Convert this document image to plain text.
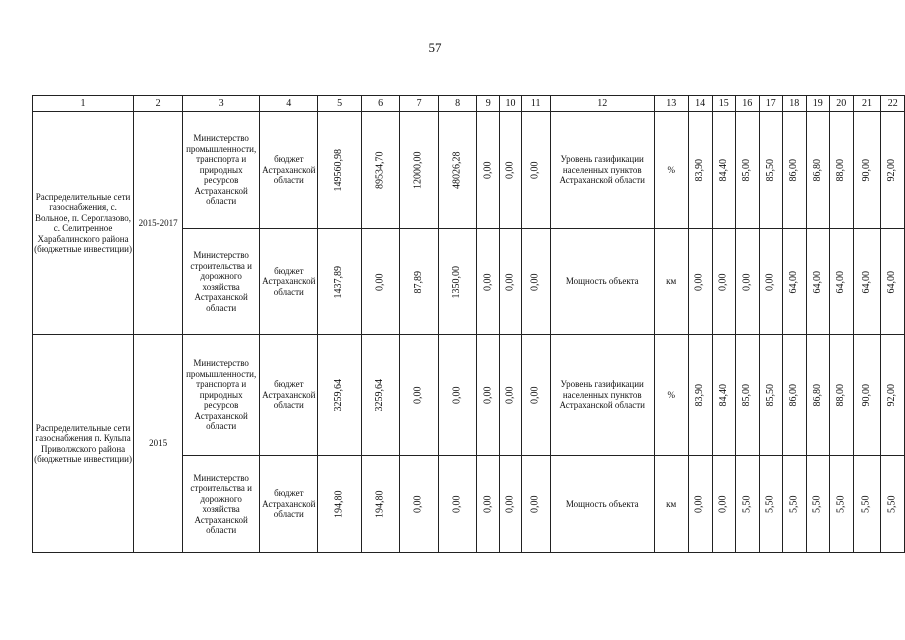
57
1	2	3	4	5	6	7	8	9	10	11	12	13	14	15	16	17	18	19	20	21	22
Распределительные сети газоснабжения, с. Вольное, п. Сероглазово, с. Селитренное Харабалинского района (бюджетные инвестиции)	2015-2017	Министерство промышленности, транспорта и природных ресурсов Астраханской области	бюджет Астраханской области	149560,98	89534,70	12000,00	48026,28	0,00	0,00	0,00	Уровень газификации населенных пунктов Астраханской области	%	83,90	84,40	85,00	85,50	86,00	86,80	88,00	90,00	92,00
		Министерство строительства и дорожного хозяйства Астраханской области	бюджет Астраханской области	1437,89	0,00	87,89	1350,00	0,00	0,00	0,00	Мощность объекта	км	0,00	0,00	0,00	0,00	64,00	64,00	64,00	64,00	64,00
Распределительные сети газоснабжения п. Кульпа Приволжского района (бюджетные инвестиции)	2015	Министерство промышленности, транспорта и природных ресурсов Астраханской области	бюджет Астраханской области	3259,64	3259,64	0,00	0,00	0,00	0,00	0,00	Уровень газификации населенных пунктов Астраханской области	%	83,90	84,40	85,00	85,50	86,00	86,80	88,00	90,00	92,00
		Министерство строительства и дорожного хозяйства Астраханской области	бюджет Астраханской области	194,80	194,80	0,00	0,00	0,00	0,00	0,00	Мощность объекта	км	0,00	0,00	5,50	5,50	5,50	5,50	5,50	5,50	5,50
